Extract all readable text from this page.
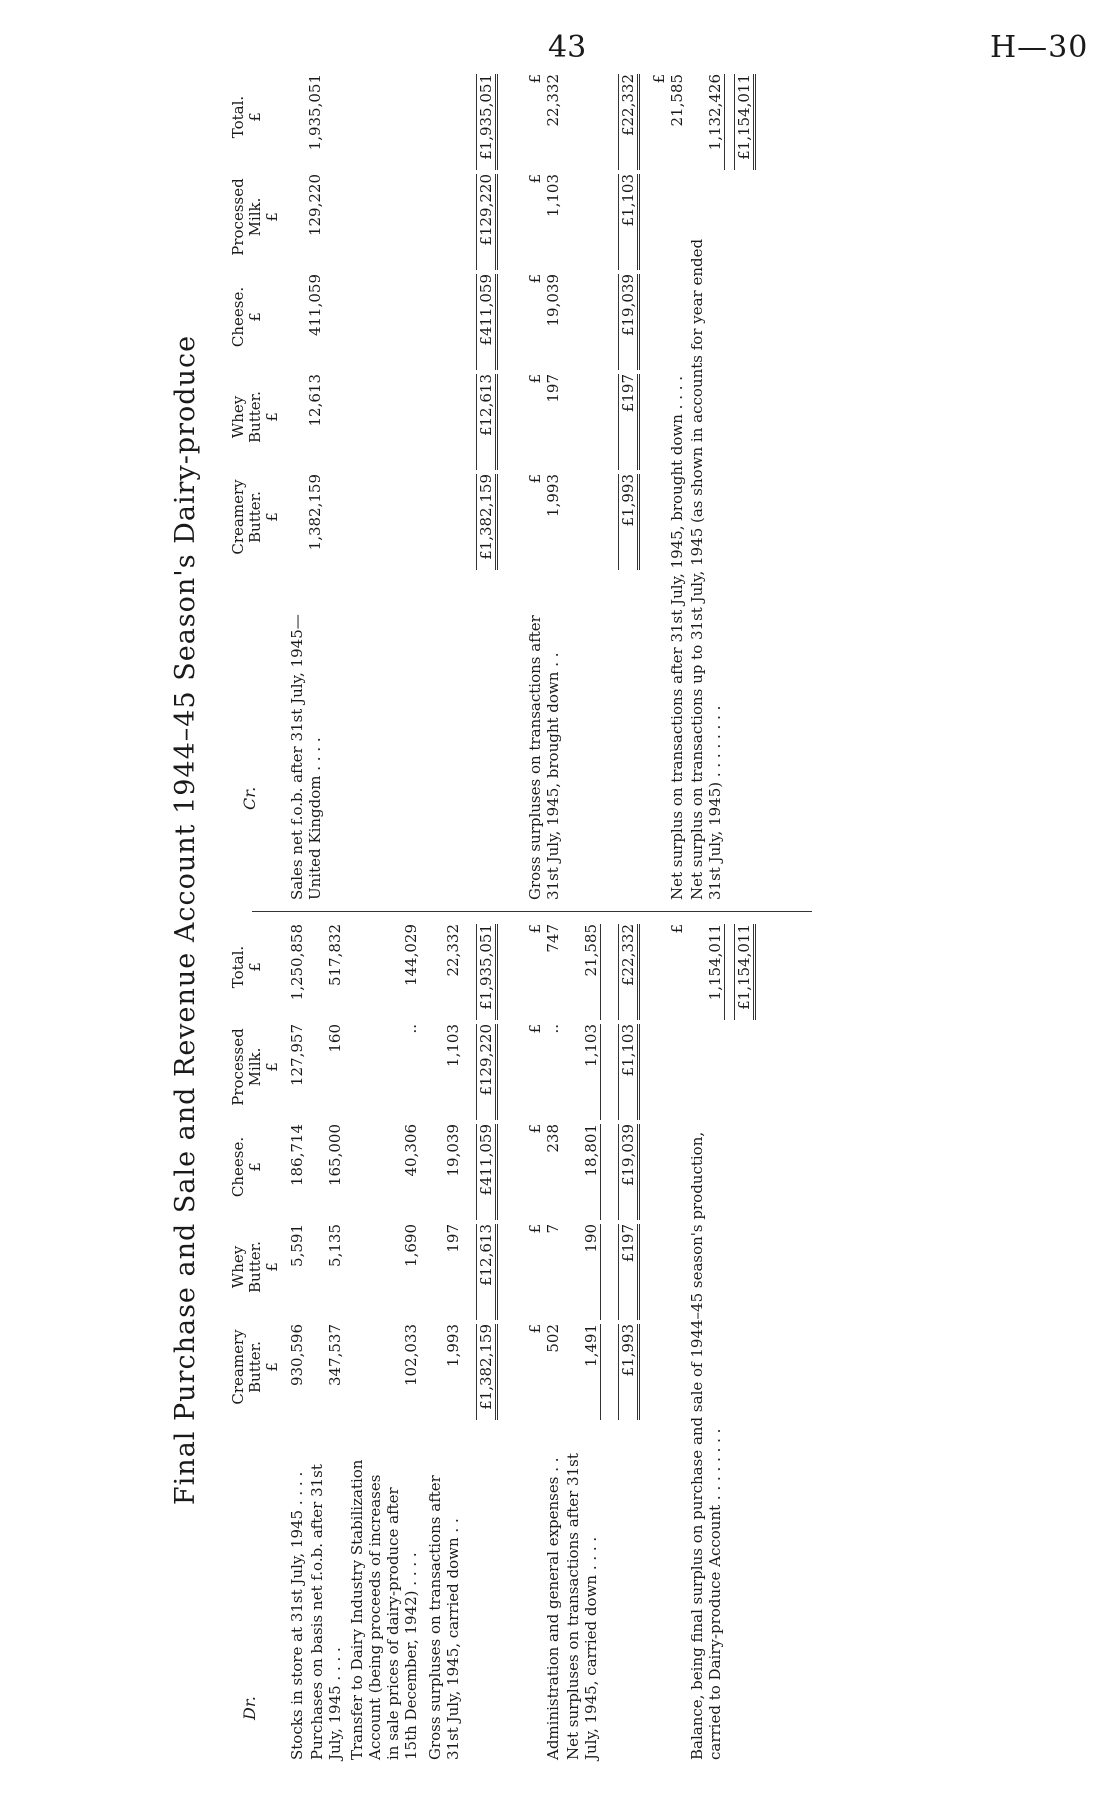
43	H—30
Final Purchase and Sale and Revenue Account 1944–45 Season's Dairy-produce
Dr.
Creamery
Butter.
£
Whey
Butter.
£
Cheese.
£
Processed
Milk.
£
Total.
£
Stocks in store at 31st July, 1945 . . . .
930,596
5,591
186,714
127,957
1,250,858
Purchases on basis net f.o.b. after 31st
July, 1945 . . . .
347,537
5,135
165,000
160
517,832
Transfer to Dairy Industry Stabilization
Account (being proceeds of increases
in sale prices of dairy-produce after
15th December, 1942) . . . .
102,033
1,690
40,306
..
144,029
Gross surpluses on transactions after
31st July, 1945, carried down . .
1,993
197
19,039
1,103
22,332
£1,382,159
£12,613
£411,059
£129,220
£1,935,051
£
£
£
£
£
Administration and general expenses . .
502
7
238
..
747
Net surpluses on transactions after 31st
July, 1945, carried down . . . .
1,491
190
18,801
1,103
21,585
£1,993
£197
£19,039
£1,103
£22,332 £
Balance, being final surplus on purchase and sale of 1944–45 season's production,
carried to Dairy-produce Account . . . . . . . .
1,154,011 £1,154,011
Cr.
Creamery
Butter.
£
Whey
Butter.
£
Cheese.
£
Processed
Milk.
£
Total.
£
Sales net f.o.b. after 31st July, 1945—
United Kingdom . . . .
1,382,159
12,613
411,059
129,220
1,935,051
£1,382,159
£12,613
£411,059
£129,220
£1,935,051
£
£
£
£
£
Gross surpluses on transactions after
31st July, 1945, brought down . .
1,993
197
19,039
1,103
22,332
£1,993
£197
£19,039
£1,103
£22,332 £
Net surplus on transactions after 31st July, 1945, brought down . . . .
21,585
Net surplus on transactions up to 31st July, 1945 (as shown in accounts for year ended
31st July, 1945) . . . . . . . .
1,132,426 £1,154,011
